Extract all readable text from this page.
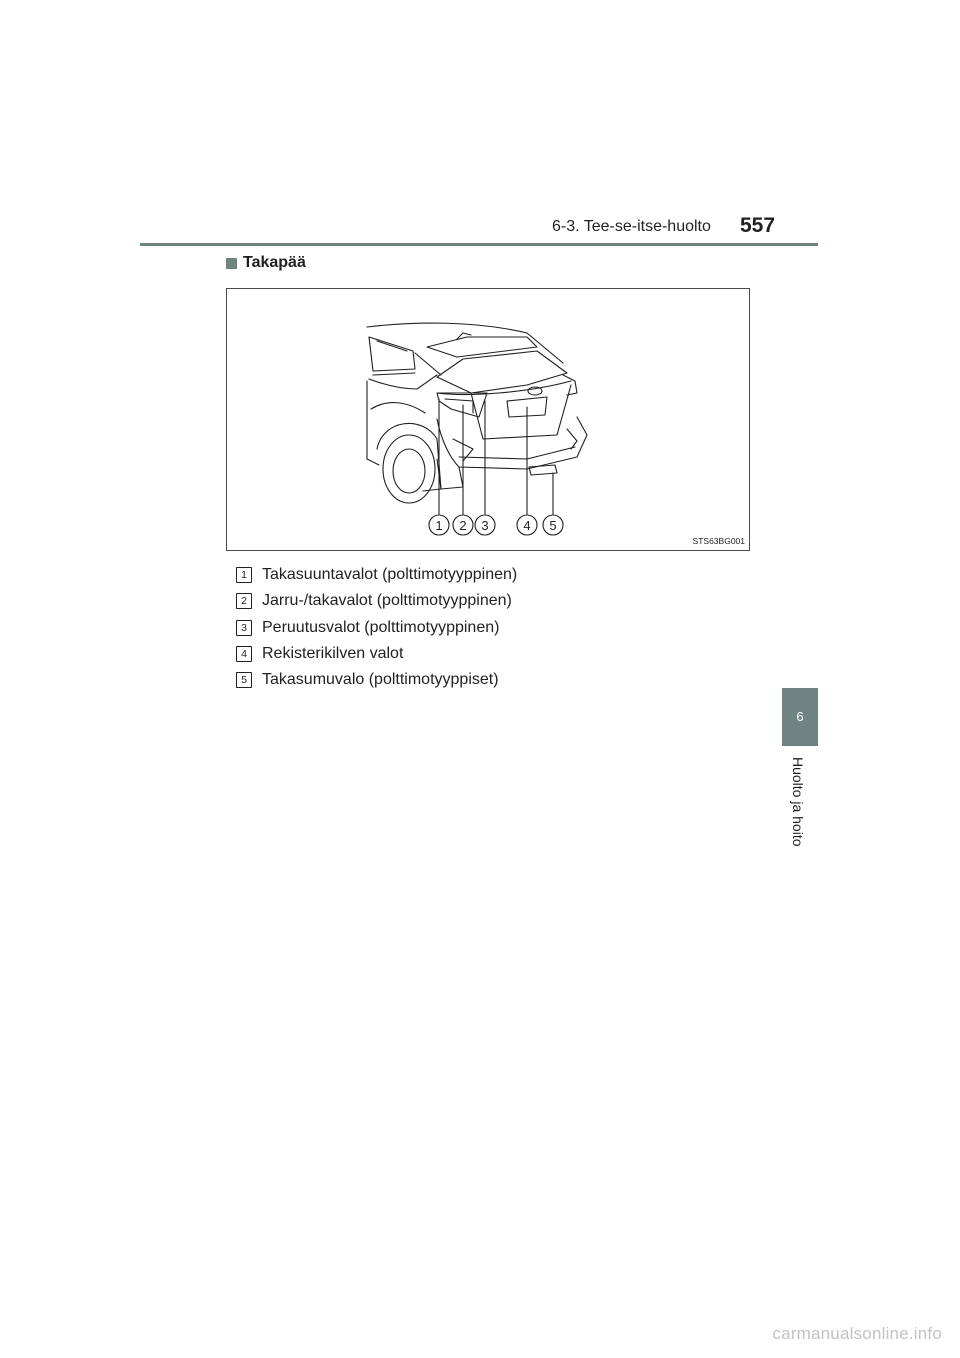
6-3. Tee-se-itse-huolto 557
Takapää
1 2 3	4 5
STS63BG001
1 Takasuuntavalot (polttimotyyppinen)
2 Jarru-/takavalot (polttimotyyppinen)
3 Peruutusvalot (polttimotyyppinen)
4 Rekisterikilven valot
5 Takasumuvalo (polttimotyyppiset)
6
Huolto ja hoito
carmanualsonline.info
